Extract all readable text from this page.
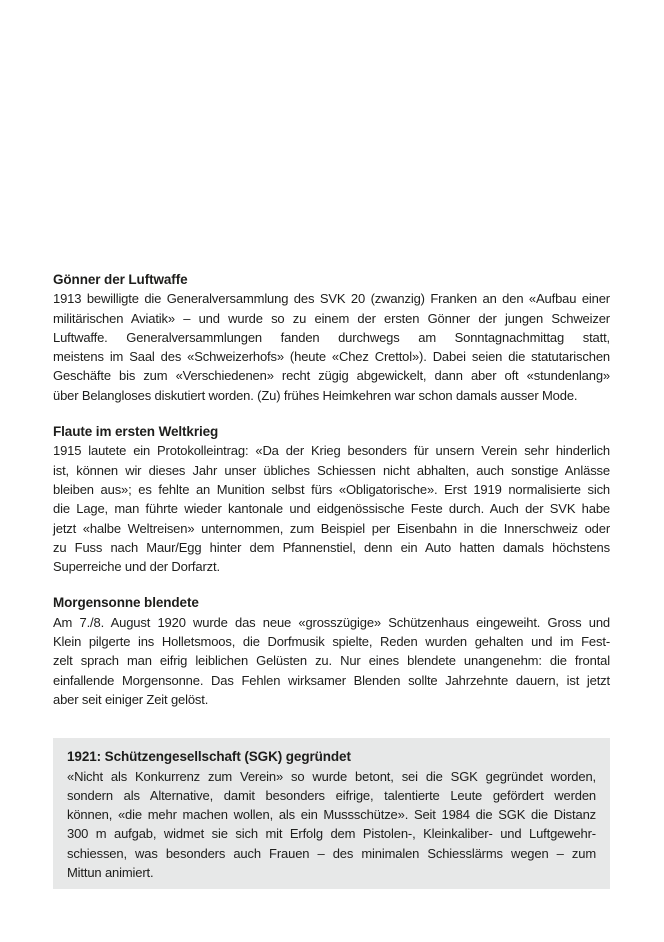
Gönner der Luftwaffe
1913 bewilligte die Generalversammlung des SVK 20 (zwanzig) Franken an den «Aufbau einer
militärischen Aviatik» – und wurde so zu einem der ersten Gönner der jungen Schweizer
Luftwaffe. Generalversammlungen fanden durchwegs am Sonntagnachmittag statt,
meistens im Saal des «Schweizerhofs» (heute «Chez Crettol»). Dabei seien die statutarischen
Geschäfte bis zum «Verschiedenen» recht zügig abgewickelt, dann aber oft «stundenlang»
über Belangloses diskutiert worden. (Zu) frühes Heimkehren war schon damals ausser Mode.
Flaute im ersten Weltkrieg
1915 lautete ein Protokolleintrag: «Da der Krieg besonders für unsern Verein sehr hinderlich
ist, können wir dieses Jahr unser übliches Schiessen nicht abhalten, auch sonstige Anlässe
bleiben aus»; es fehlte an Munition selbst fürs «Obligatorische». Erst 1919 normalisierte sich
die Lage, man führte wieder kantonale und eidgenössische Feste durch. Auch der SVK habe
jetzt «halbe Weltreisen» unternommen, zum Beispiel per Eisenbahn in die Innerschweiz oder
zu Fuss nach Maur/Egg hinter dem Pfannenstiel, denn ein Auto hatten damals höchstens
Superreiche und der Dorfarzt.
Morgensonne blendete
Am 7./8. August 1920 wurde das neue «grosszügige» Schützenhaus eingeweiht. Gross und
Klein pilgerte ins Holletsmoos, die Dorfmusik spielte, Reden wurden gehalten und im Fest-
zelt sprach man eifrig leiblichen Gelüsten zu. Nur eines blendete unangenehm: die frontal
einfallende Morgensonne. Das Fehlen wirksamer Blenden sollte Jahrzehnte dauern, ist jetzt
aber seit einiger Zeit gelöst.
1921: Schützengesellschaft (SGK) gegründet
«Nicht als Konkurrenz zum Verein» so wurde betont, sei die SGK gegründet worden,
sondern als Alternative, damit besonders eifrige, talentierte Leute gefördert werden
können, «die mehr machen wollen, als ein Mussschütze». Seit 1984 die SGK die Distanz
300 m aufgab, widmet sie sich mit Erfolg dem Pistolen-, Kleinkaliber- und Luftgewehr-
schiessen, was besonders auch Frauen – des minimalen Schiesslärms wegen – zum
Mittun animiert.
